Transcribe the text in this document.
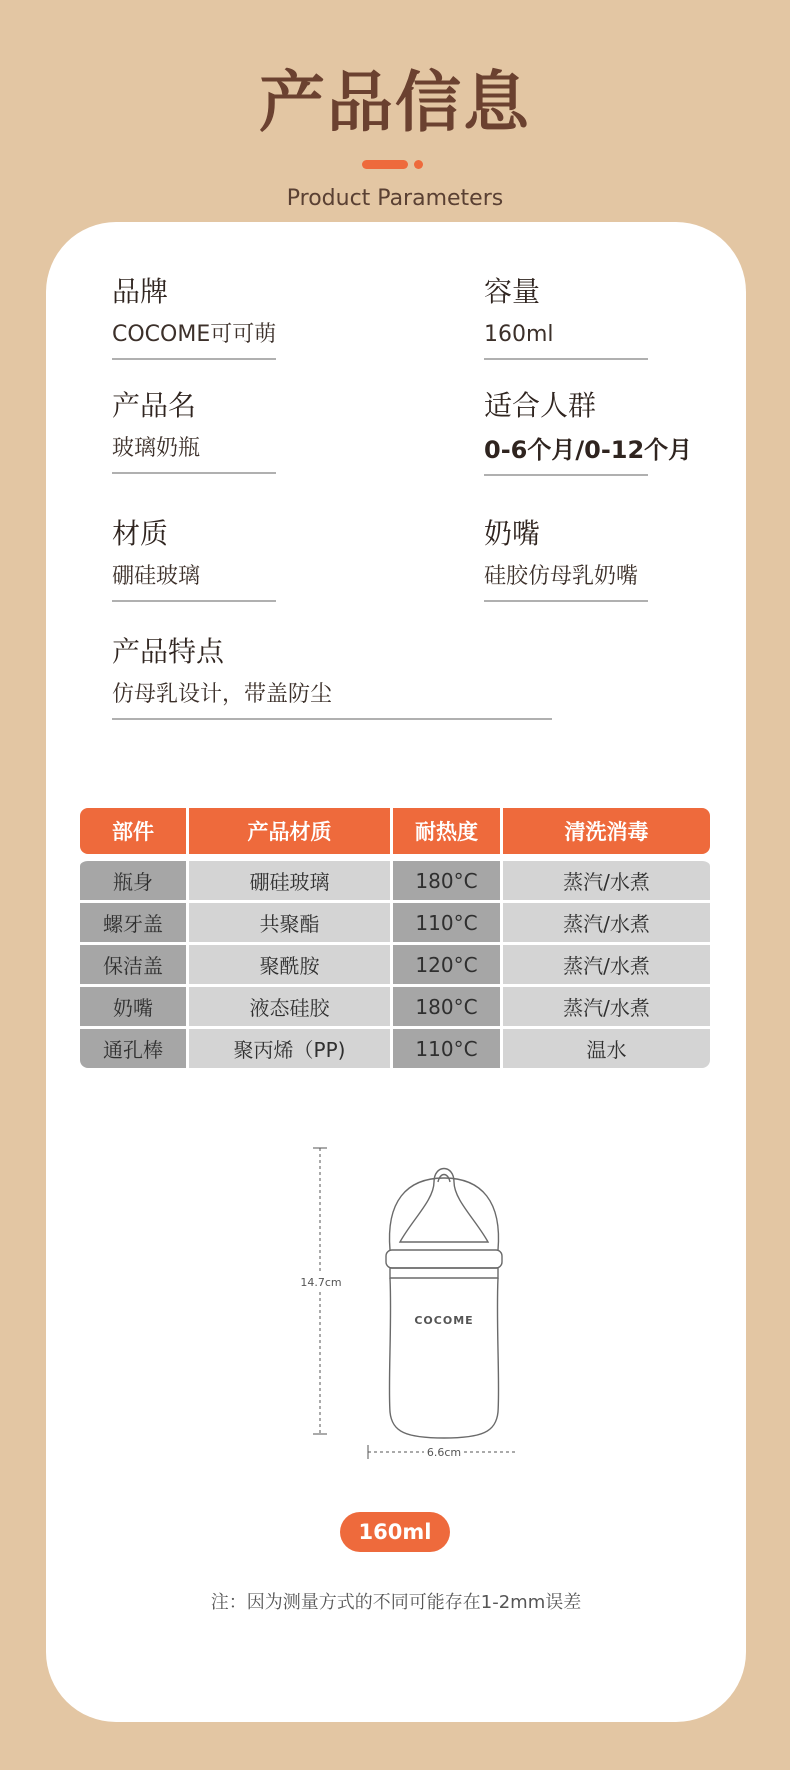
产品信息
Product Parameters
品牌
COCOME可可萌
容量
160ml
产品名
玻璃奶瓶
适合人群
0-6个月/0-12个月
材质
硼硅玻璃
奶嘴
硅胶仿母乳奶嘴
产品特点
仿母乳设计，带盖防尘
部件	产品材质	耐热度	清洗消毒
瓶身	硼硅玻璃	180°C	蒸汽/水煮
螺牙盖	共聚酯	110°C	蒸汽/水煮
保洁盖	聚酰胺	120°C	蒸汽/水煮
奶嘴	液态硅胶	180°C	蒸汽/水煮
通孔棒	聚丙烯（PP)	110°C	温水
14.7cm
6.6cm
COCOME
160ml
注：因为测量方式的不同可能存在1-2mm误差
